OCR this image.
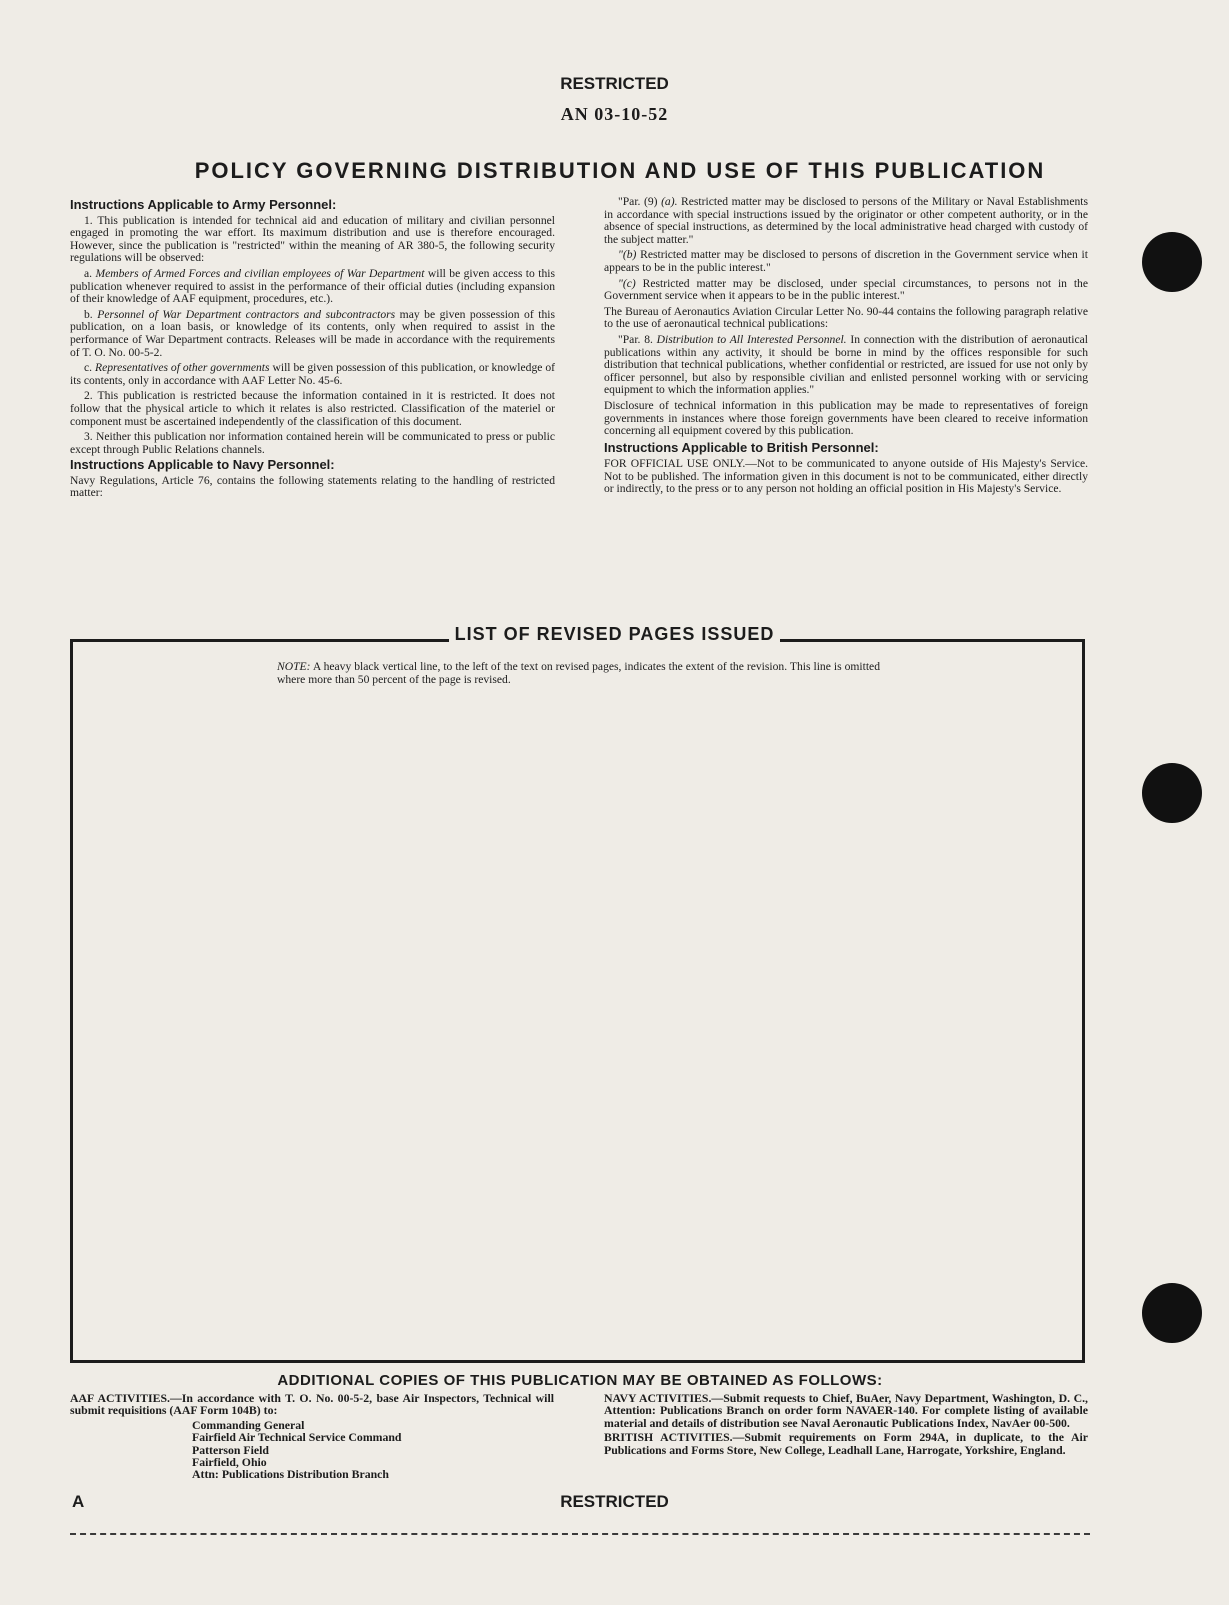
RESTRICTED
AN 03-10-52
POLICY GOVERNING DISTRIBUTION AND USE OF THIS PUBLICATION
Instructions Applicable to Army Personnel:

1. This publication is intended for technical aid and education of military and civilian personnel engaged in promoting the war effort. Its maximum distribution and use is therefore encouraged. However, since the publication is "restricted" within the meaning of AR 380-5, the following security regulations will be observed:

a. Members of Armed Forces and civilian employees of War Department will be given access to this publication whenever required to assist in the performance of their official duties (including expansion of their knowledge of AAF equipment, procedures, etc.).

b. Personnel of War Department contractors and subcontractors may be given possession of this publication, on a loan basis, or knowledge of its contents, only when required to assist in the performance of War Department contracts. Releases will be made in accordance with the requirements of T. O. No. 00-5-2.

c. Representatives of other governments will be given possession of this publication, or knowledge of its contents, only in accordance with AAF Letter No. 45-6.

2. This publication is restricted because the information contained in it is restricted. It does not follow that the physical article to which it relates is also restricted. Classification of the materiel or component must be ascertained independently of the classification of this document.

3. Neither this publication nor information contained herein will be communicated to press or public except through Public Relations channels.

Instructions Applicable to Navy Personnel:

Navy Regulations, Article 76, contains the following statements relating to the handling of restricted matter:

"Par. (9) (a). Restricted matter may be disclosed to persons of the Military or Naval Establishments in accordance with special instructions issued by the originator or other competent authority, or in the absence of special instructions, as determined by the local administrative head charged with custody of the subject matter."

"(b) Restricted matter may be disclosed to persons of discretion in the Government service when it appears to be in the public interest."

"(c) Restricted matter may be disclosed, under special circumstances, to persons not in the Government service when it appears to be in the public interest."

The Bureau of Aeronautics Aviation Circular Letter No. 90-44 contains the following paragraph relative to the use of aeronautical technical publications:

"Par. 8. Distribution to All Interested Personnel. In connection with the distribution of aeronautical publications within any activity, it should be borne in mind by the offices responsible for such distribution that technical publications, whether confidential or restricted, are issued for use not only by officer personnel, but also by responsible civilian and enlisted personnel working with or servicing equipment to which the information applies."

Disclosure of technical information in this publication may be made to representatives of foreign governments in instances where those foreign governments have been cleared to receive information concerning all equipment covered by this publication.

Instructions Applicable to British Personnel:

FOR OFFICIAL USE ONLY.—Not to be communicated to anyone outside of His Majesty's Service. Not to be published. The information given in this document is not to be communicated, either directly or indirectly, to the press or to any person not holding an official position in His Majesty's Service.

LIST OF REVISED PAGES ISSUED
NOTE: A heavy black vertical line, to the left of the text on revised pages, indicates the extent of the revision. This line is omitted where more than 50 percent of the page is revised.
ADDITIONAL COPIES OF THIS PUBLICATION MAY BE OBTAINED AS FOLLOWS:

AAF ACTIVITIES.—In accordance with T. O. No. 00-5-2, base Air Inspectors, Technical will submit requisitions (AAF Form 104B) to:

Commanding General
Fairfield Air Technical Service Command
Patterson Field
Fairfield, Ohio
Attn: Publications Distribution Branch

NAVY ACTIVITIES.—Submit requests to Chief, BuAer, Navy Department, Washington, D. C., Attention: Publications Branch on order form NAVAER-140. For complete listing of available material and details of distribution see Naval Aeronautic Publications Index, NavAer 00-500.

BRITISH ACTIVITIES.—Submit requirements on Form 294A, in duplicate, to the Air Publications and Forms Store, New College, Leadhall Lane, Harrogate, Yorkshire, England.

A	RESTRICTED
